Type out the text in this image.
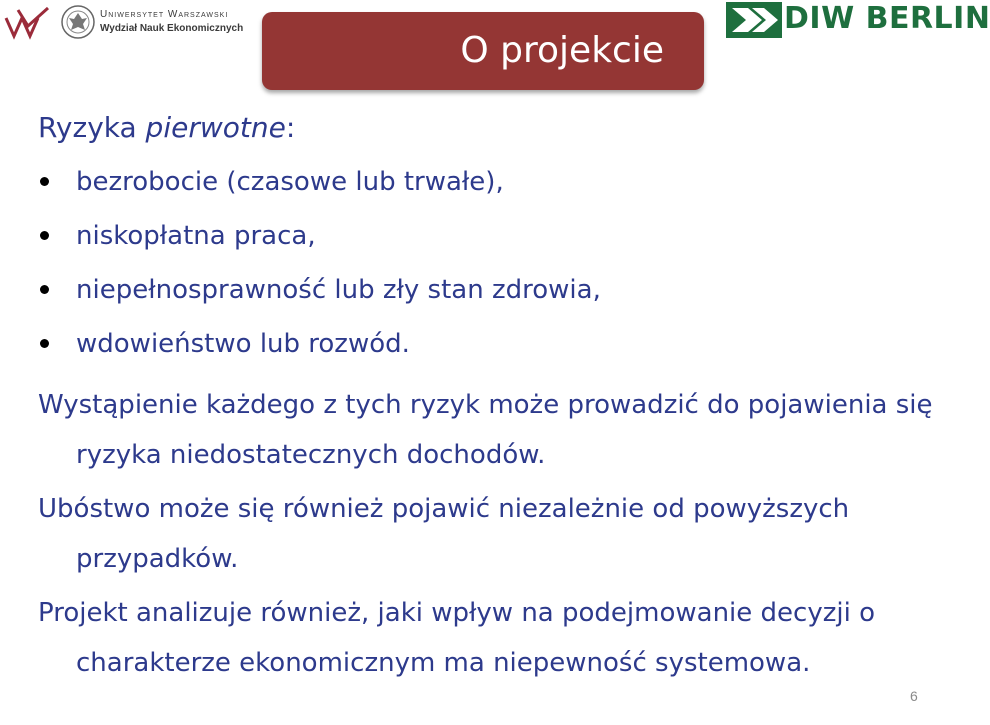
Uniwersytet Warszawski
Wydział Nauk Ekonomicznych
O projekcie
DIW BERLIN

Ryzyka pierwotne:

bezrobocie (czasowe lub trwałe),
niskopłatna praca,
niepełnosprawność lub zły stan zdrowia,
wdowieństwo lub rozwód.

Wystąpienie każdego z tych ryzyk może prowadzić do pojawienia się ryzyka niedostatecznych dochodów.

Ubóstwo może się również pojawić niezależnie od powyższych przypadków.

Projekt analizuje również, jaki wpływ na podejmowanie decyzji o charakterze ekonomicznym ma niepewność systemowa.

6
